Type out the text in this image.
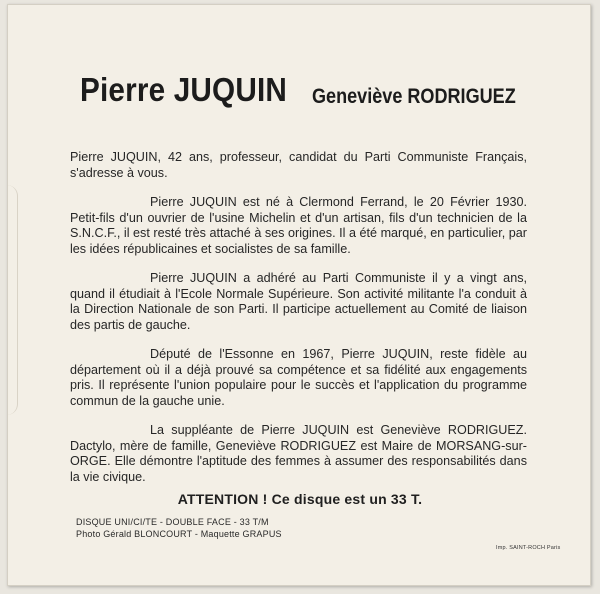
Pierre JUQUIN Geneviève RODRIGUEZ

Pierre JUQUIN, 42 ans, professeur, candidat du Parti Communiste Français, s'adresse à vous.

Pierre JUQUIN est né à Clermond Ferrand, le 20 Février 1930. Petit-fils d'un ouvrier de l'usine Michelin et d'un artisan, fils d'un technicien de la S.N.C.F., il est resté très attaché à ses origines. Il a été marqué, en particulier, par les idées républicaines et socialistes de sa famille.

Pierre JUQUIN a adhéré au Parti Communiste il y a vingt ans, quand il étudiait à l'Ecole Normale Supérieure. Son activité militante l'a conduit à la Direction Nationale de son Parti. Il participe actuellement au Comité de liaison des partis de gauche.

Député de l'Essonne en 1967, Pierre JUQUIN, reste fidèle au département où il a déjà prouvé sa compétence et sa fidélité aux engagements pris. Il représente l'union populaire pour le succès et l'application du programme commun de la gauche unie.

La suppléante de Pierre JUQUIN est Geneviève RODRIGUEZ. Dactylo, mère de famille, Geneviève RODRIGUEZ est Maire de MORSANG-sur-ORGE. Elle démontre l'aptitude des femmes à assumer des responsabilités dans la vie civique.

ATTENTION ! Ce disque est un 33 T.
DISQUE UNI/CI/TE - DOUBLE FACE - 33 T/M
Photo Gérald BLONCOURT - Maquette GRAPUS
Imp. SAINT-ROCH Paris
